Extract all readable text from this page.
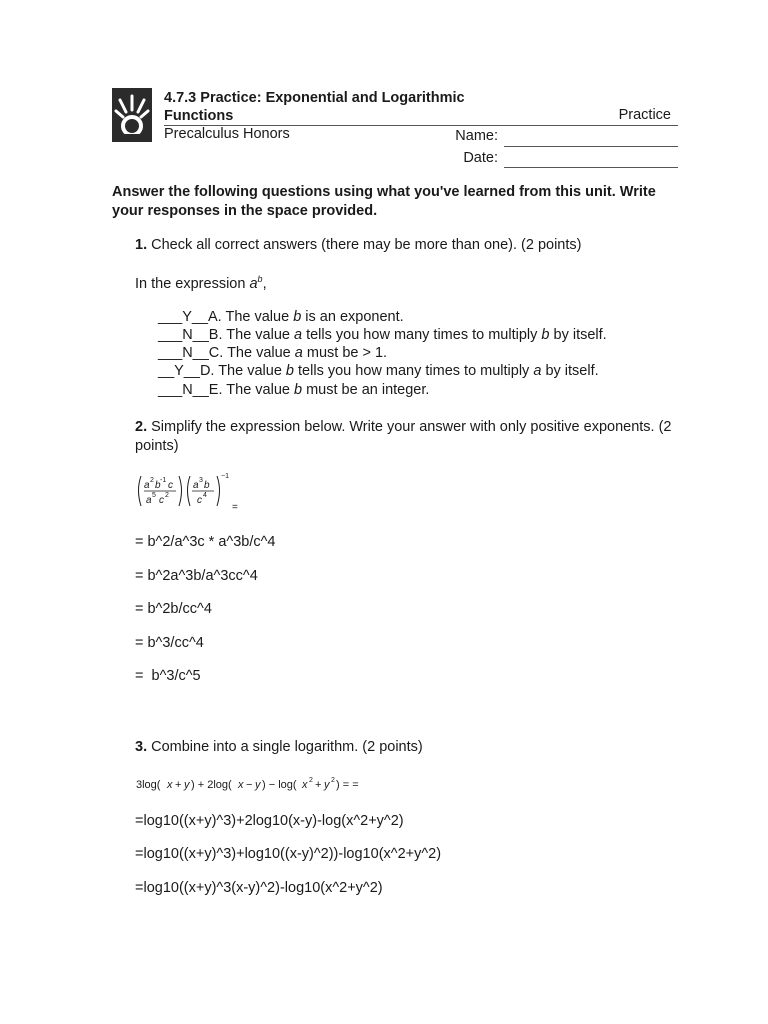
4.7.3 Practice: Exponential and Logarithmic
Functions	Practice
Precalculus Honors	Name:
Date:
Answer the following questions using what you've learned from this unit. Write your responses in the space provided.
1. Check all correct answers (there may be more than one). (2 points)
In the expression $a^b$,
___Y__A. The value b is an exponent.
___N__B. The value a tells you how many times to multiply b by itself.
___N__C. The value a must be > 1.
__Y__D. The value b tells you how many times to multiply a by itself.
___N__E. The value b must be an integer.
2. Simplify the expression below. Write your answer with only positive exponents. (2 points)
a 2 b -1 c
a 5 c 2
a 3 b
c 4
−1
=
= b^2/a^3c * a^3b/c^4
= b^2a^3b/a^3cc^4
= b^2b/cc^4
= b^3/cc^4
=  b^3/c^5
3. Combine into a single logarithm. (2 points)
3log( x + y ) + 2log( x − y ) − log( x 2 + y 2 ) = =
=log10((x+y)^3)+2log10(x-y)-log(x^2+y^2)
=log10((x+y)^3)+log10((x-y)^2))-log10(x^2+y^2)
=log10((x+y)^3(x-y)^2)-log10(x^2+y^2)
